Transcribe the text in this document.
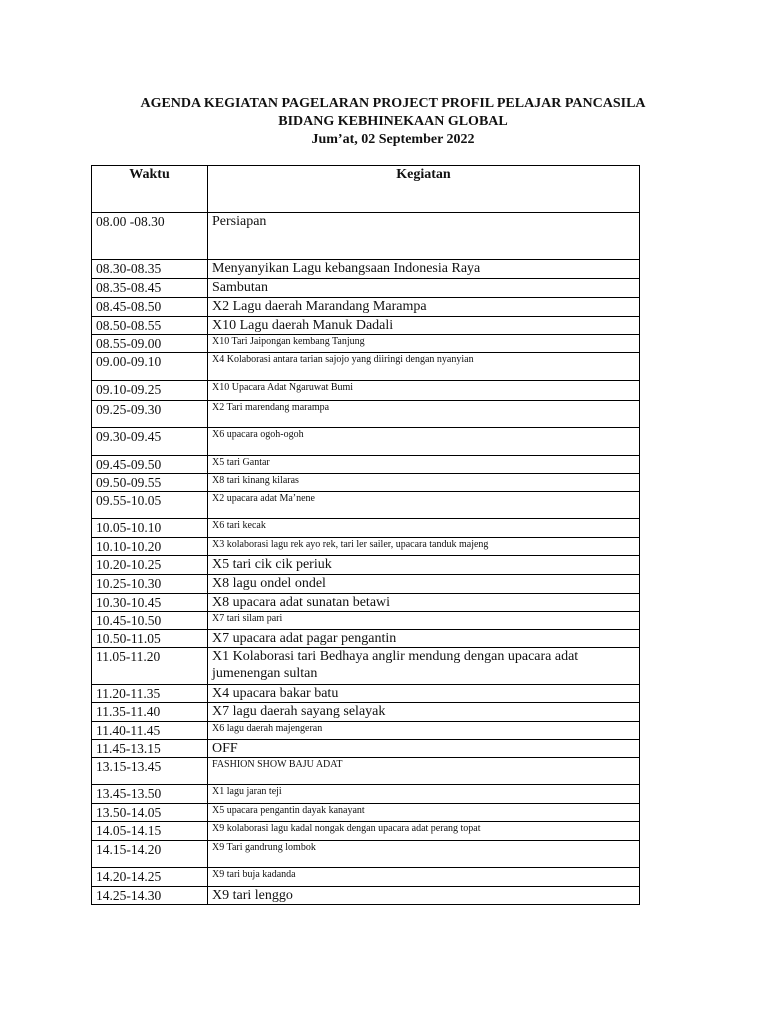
AGENDA KEGIATAN PAGELARAN PROJECT PROFIL PELAJAR PANCASILA
BIDANG KEBHINEKAAN GLOBAL
Jum’at, 02 September 2022
Waktu	Kegiatan
08.00 -08.30	Persiapan
08.30-08.35	Menyanyikan Lagu kebangsaan Indonesia Raya
08.35-08.45	Sambutan
08.45-08.50	X2 Lagu daerah Marandang Marampa
08.50-08.55	X10 Lagu daerah Manuk Dadali
08.55-09.00	X10 Tari Jaipongan kembang Tanjung
09.00-09.10	X4 Kolaborasi antara tarian sajojo yang diiringi dengan nyanyian
09.10-09.25	X10 Upacara Adat Ngaruwat Bumi
09.25-09.30	X2 Tari marendang marampa
09.30-09.45	X6 upacara ogoh-ogoh
09.45-09.50	X5 tari Gantar
09.50-09.55	X8 tari kinang kilaras
09.55-10.05	X2 upacara adat Ma’nene
10.05-10.10	X6 tari kecak
10.10-10.20	X3 kolaborasi lagu rek ayo rek, tari ler sailer, upacara tanduk majeng
10.20-10.25	X5 tari cik cik periuk
10.25-10.30	X8 lagu ondel ondel
10.30-10.45	X8 upacara adat sunatan betawi
10.45-10.50	X7 tari silam pari
10.50-11.05	X7 upacara adat pagar pengantin
11.05-11.20	X1 Kolaborasi tari Bedhaya anglir mendung dengan upacara adat jumenengan sultan
11.20-11.35	X4 upacara bakar batu
11.35-11.40	X7 lagu daerah sayang selayak
11.40-11.45	X6 lagu daerah majengeran
11.45-13.15	OFF
13.15-13.45	FASHION SHOW BAJU ADAT
13.45-13.50	X1 lagu jaran teji
13.50-14.05	X5 upacara pengantin dayak kanayant
14.05-14.15	X9 kolaborasi lagu kadal nongak dengan upacara adat perang topat
14.15-14.20	X9 Tari gandrung lombok
14.20-14.25	X9 tari buja kadanda
14.25-14.30	X9 tari lenggo
